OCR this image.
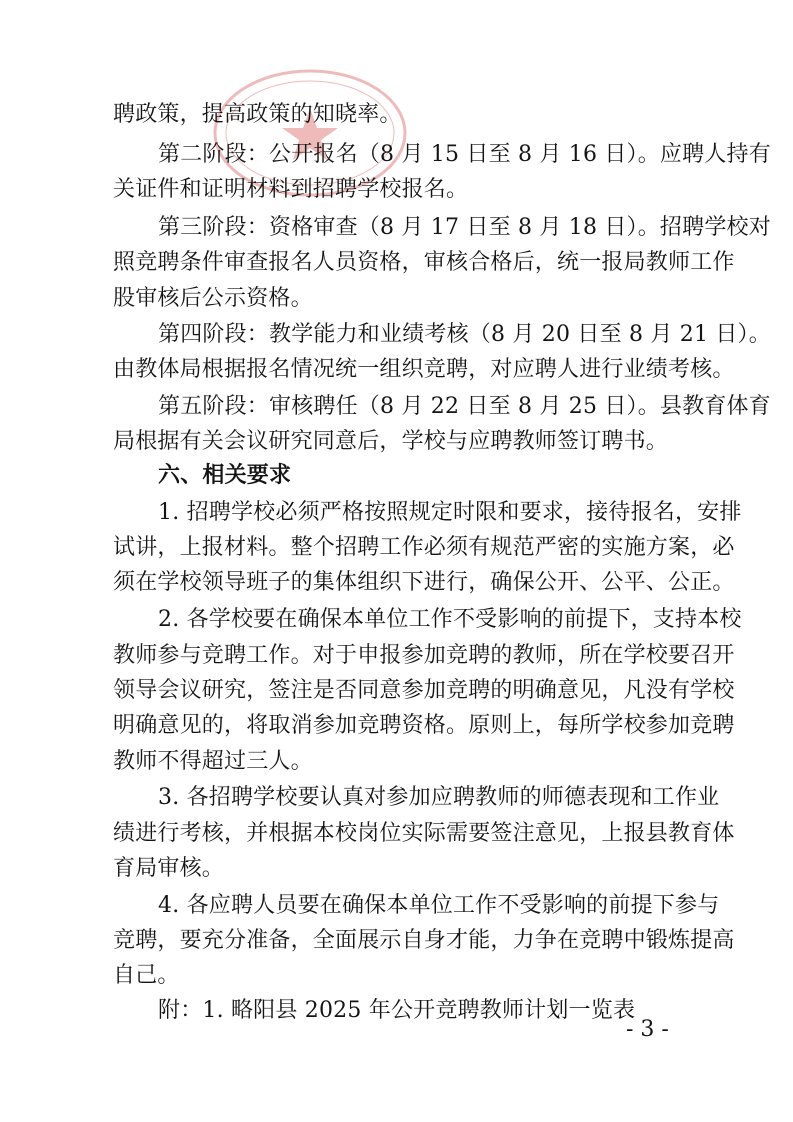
聘政策，提高政策的知晓率。
第二阶段：公开报名（8 月 15 日至 8 月 16 日）。应聘人持有
关证件和证明材料到招聘学校报名。
第三阶段：资格审查（8 月 17 日至 8 月 18 日）。招聘学校对
照竞聘条件审查报名人员资格，审核合格后，统一报局教师工作
股审核后公示资格。
第四阶段：教学能力和业绩考核（8 月 20 日至 8 月 21 日）。
由教体局根据报名情况统一组织竞聘，对应聘人进行业绩考核。
第五阶段：审核聘任（8 月 22 日至 8 月 25 日）。县教育体育
局根据有关会议研究同意后，学校与应聘教师签订聘书。
六、相关要求
1. 招聘学校必须严格按照规定时限和要求，接待报名，安排
试讲，上报材料。整个招聘工作必须有规范严密的实施方案，必
须在学校领导班子的集体组织下进行，确保公开、公平、公正。
2. 各学校要在确保本单位工作不受影响的前提下，支持本校
教师参与竞聘工作。对于申报参加竞聘的教师，所在学校要召开
领导会议研究，签注是否同意参加竞聘的明确意见，凡没有学校
明确意见的，将取消参加竞聘资格。原则上，每所学校参加竞聘
教师不得超过三人。
3. 各招聘学校要认真对参加应聘教师的师德表现和工作业
绩进行考核，并根据本校岗位实际需要签注意见，上报县教育体
育局审核。
4. 各应聘人员要在确保本单位工作不受影响的前提下参与
竞聘，要充分准备，全面展示自身才能，力争在竞聘中锻炼提高
自己。
附：1. 略阳县 2025 年公开竞聘教师计划一览表
- 3 -
